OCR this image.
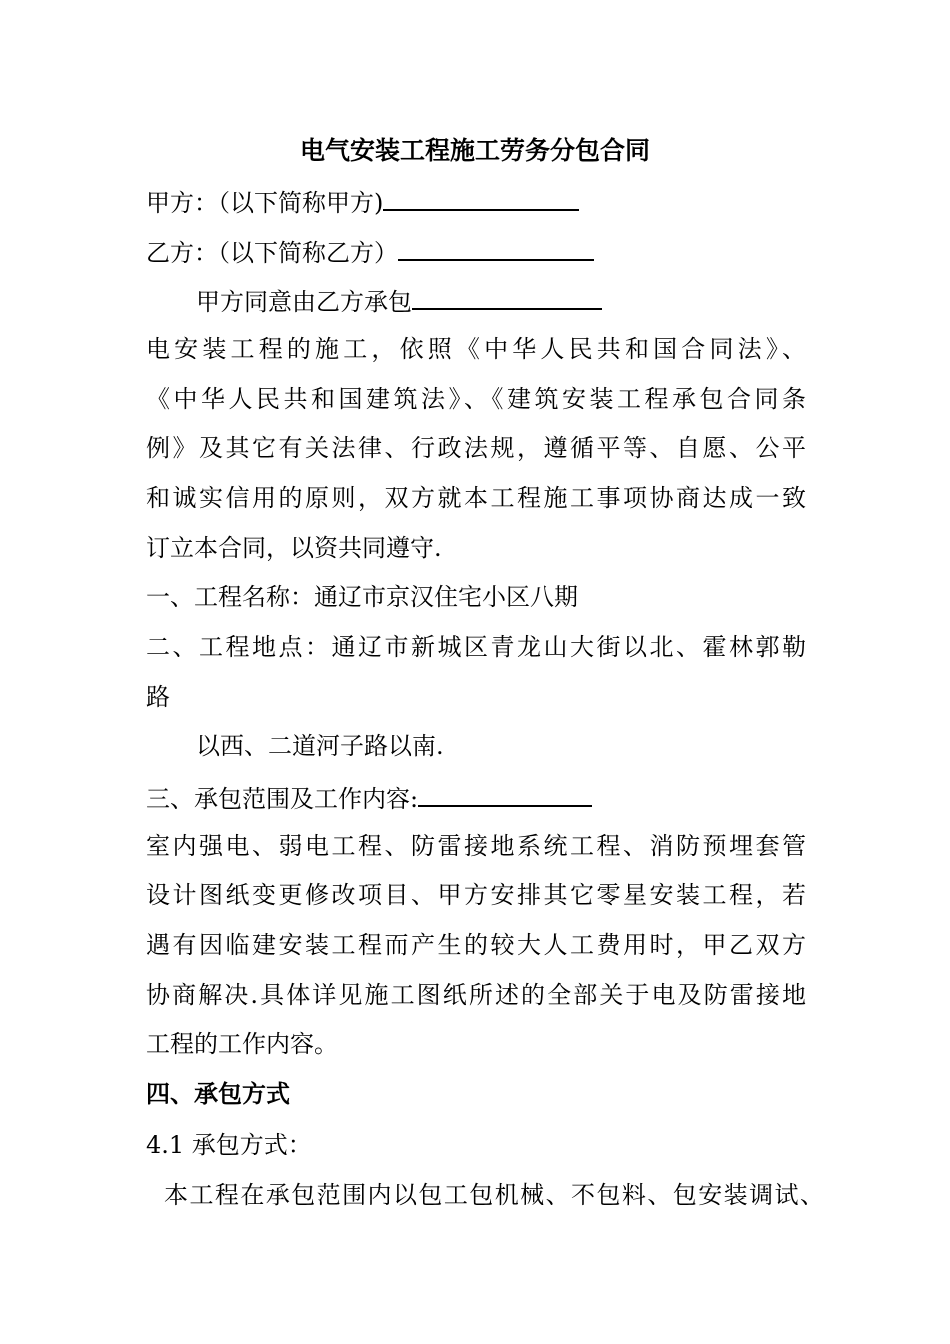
电气安装工程施工劳务分包合同
甲方：（以下简称甲方)
乙方：（以下简称乙方）
甲方同意由乙方承包
电安装工程的施工，依照《中华人民共和国合同法》、
《中华人民共和国建筑法》、《建筑安装工程承包合同条
例》及其它有关法律、行政法规，遵循平等、自愿、公平
和诚实信用的原则，双方就本工程施工事项协商达成一致
订立本合同，以资共同遵守.
一、工程名称：通辽市京汉住宅小区八期
二、工程地点：通辽市新城区青龙山大街以北、霍林郭勒
路
以西、二道河子路以南.
三、承包范围及工作内容:
室内强电、弱电工程、防雷接地系统工程、消防预埋套管
设计图纸变更修改项目、甲方安排其它零星安装工程，若
遇有因临建安装工程而产生的较大人工费用时，甲乙双方
协商解决.具体详见施工图纸所述的全部关于电及防雷接地
工程的工作内容。
四、承包方式
4.1 承包方式：
本工程在承包范围内以包工包机械、不包料、包安装调试、
